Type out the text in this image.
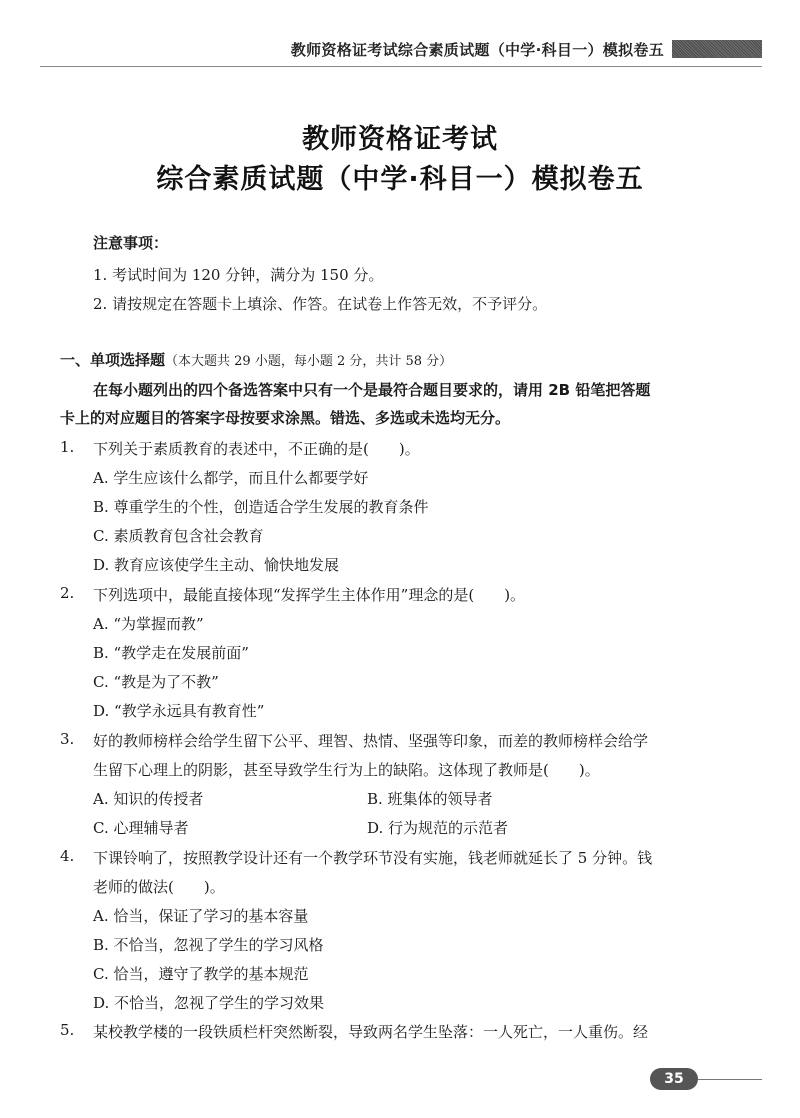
教师资格证考试综合素质试题（中学·科目一）模拟卷五
教师资格证考试
综合素质试题（中学·科目一）模拟卷五
注意事项：
1. 考试时间为 120 分钟，满分为 150 分。
2. 请按规定在答题卡上填涂、作答。在试卷上作答无效，不予评分。
一、单项选择题（本大题共 29 小题，每小题 2 分，共计 58 分）
在每小题列出的四个备选答案中只有一个是最符合题目要求的，请用 2B 铅笔把答题
卡上的对应题目的答案字母按要求涂黑。错选、多选或未选均无分。
1. 下列关于素质教育的表述中，不正确的是(　　)。
A. 学生应该什么都学，而且什么都要学好
B. 尊重学生的个性，创造适合学生发展的教育条件
C. 素质教育包含社会教育
D. 教育应该使学生主动、愉快地发展
2. 下列选项中，最能直接体现“发挥学生主体作用”理念的是(　　)。
A. “为掌握而教”
B. “教学走在发展前面”
C. “教是为了不教”
D. “教学永远具有教育性”
3. 好的教师榜样会给学生留下公平、理智、热情、坚强等印象，而差的教师榜样会给学
生留下心理上的阴影，甚至导致学生行为上的缺陷。这体现了教师是(　　)。
A. 知识的传授者	B. 班集体的领导者
C. 心理辅导者	D. 行为规范的示范者
4. 下课铃响了，按照教学设计还有一个教学环节没有实施，钱老师就延长了 5 分钟。钱
老师的做法(　　)。
A. 恰当，保证了学习的基本容量
B. 不恰当，忽视了学生的学习风格
C. 恰当，遵守了教学的基本规范
D. 不恰当，忽视了学生的学习效果
5. 某校教学楼的一段铁质栏杆突然断裂，导致两名学生坠落：一人死亡，一人重伤。经
35
